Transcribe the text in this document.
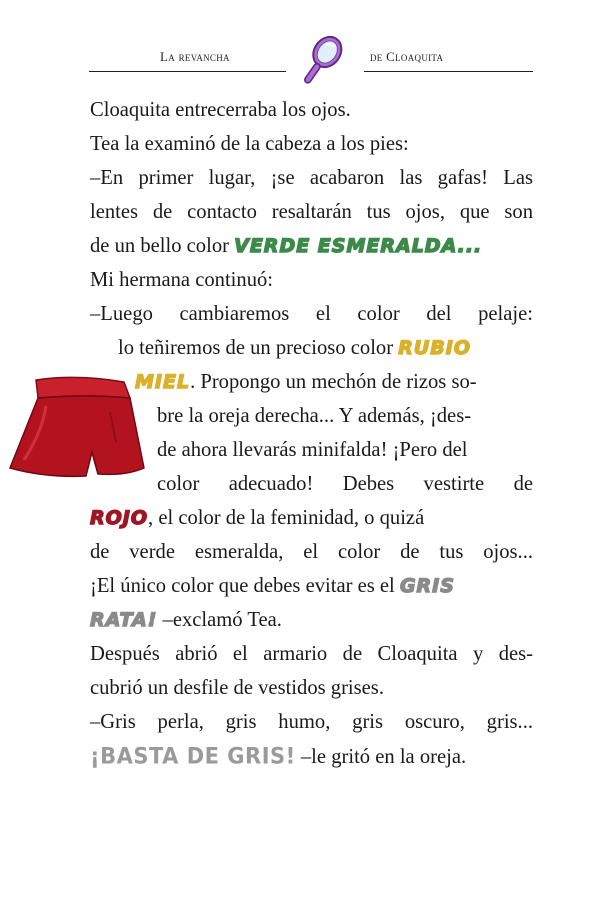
La revancha	de Cloaquita
Cloaquita entrecerraba los ojos.
Tea la examinó de la cabeza a los pies:
–En primer lugar, ¡se acabaron las gafas! Las
lentes de contacto resaltarán tus ojos, que son
de un bello color VERDE ESMERALDA...
Mi hermana continuó:
–Luego cambiaremos el color del pelaje:
lo teñiremos de un precioso color RUBIO
MIEL. Propongo un mechón de rizos so-
bre la oreja derecha... Y además, ¡des-
de ahora llevarás minifalda! ¡Pero del
color adecuado! Debes vestirte de
ROJO, el color de la feminidad, o quizá
de verde esmeralda, el color de tus ojos...
¡El único color que debes evitar es el GRIS
RATA! –exclamó Tea.
Después abrió el armario de Cloaquita y des-
cubrió un desfile de vestidos grises.
–Gris perla, gris humo, gris oscuro, gris...
¡BASTA DE GRIS! –le gritó en la oreja.
